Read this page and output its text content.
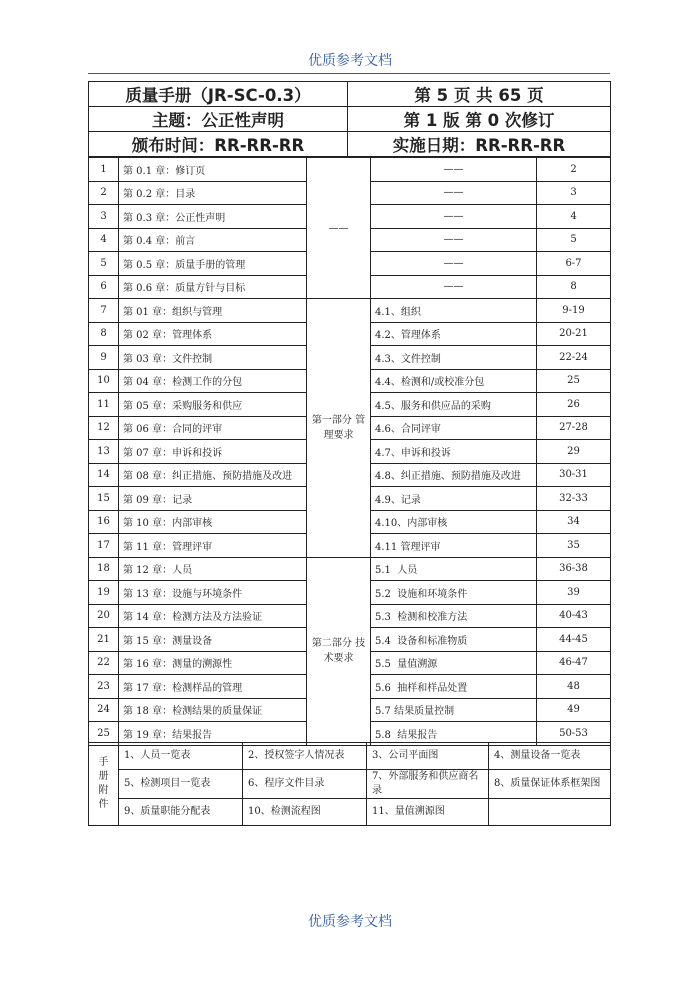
优质参考文档
质量手册（JR-SC-0.3）	第 5 页 共 65 页
主题：公正性声明	第 1 版 第 0 次修订
颁布时间：RR-RR-RR	实施日期：RR-RR-RR
1	第 0.1 章：修订页	——	——	2
2	第 0.2 章：目录		——	3
3	第 0.3 章：公正性声明		——	4
4	第 0.4 章：前言		——	5
5	第 0.5 章：质量手册的管理		——	6-7
6	第 0.6 章：质量方针与目标		——	8
7	第 01 章：组织与管理	第一部分 管理要求	4.1、组织	9-19
8	第 02 章：管理体系		4.2、管理体系	20-21
9	第 03 章：文件控制		4.3、文件控制	22-24
10	第 04 章：检测工作的分包		4.4、检测和/或校准分包	25
11	第 05 章：采购服务和供应		4.5、服务和供应品的采购	26
12	第 06 章：合同的评审		4.6、合同评审	27-28
13	第 07 章：申诉和投诉		4.7、申诉和投诉	29
14	第 08 章：纠正措施、预防措施及改进		4.8、纠正措施、预防措施及改进	30-31
15	第 09 章：记录		4.9、记录	32-33
16	第 10 章：内部审核		4.10、内部审核	34
17	第 11 章：管理评审		4.11 管理评审	35
18	第 12 章：人员	第二部分 技术要求	5.1  人员	36-38
19	第 13 章：设施与环境条件		5.2  设施和环境条件	39
20	第 14 章：检测方法及方法验证		5.3  检测和校准方法	40-43
21	第 15 章：测量设备		5.4  设备和标准物质	44-45
22	第 16 章：测量的溯源性		5.5  量值溯源	46-47
23	第 17 章：检测样品的管理		5.6  抽样和样品处置	48
24	第 18 章：检测结果的质量保证		5.7 结果质量控制	49
25	第 19 章：结果报告		5.8  结果报告	50-53
手
册
附
件	1、人员一览表	2、授权签字人情况表	3、公司平面图	4、测量设备一览表
	5、检测项目一览表	6、程序文件目录	7、外部服务和供应商名录	8、质量保证体系框架图
	9、质量职能分配表	10、检测流程图	11、量值溯源图	
优质参考文档
